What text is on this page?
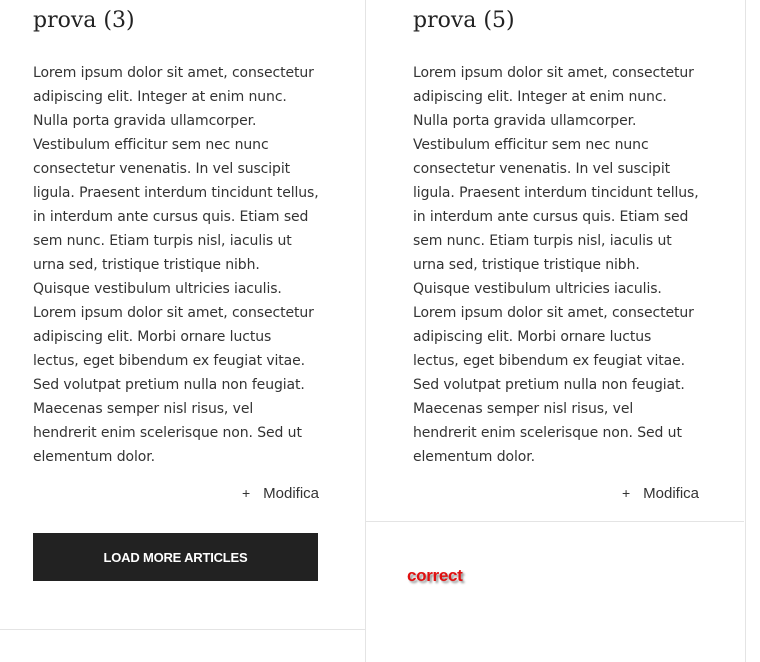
prova (3)

Lorem ipsum dolor sit amet, consectetur adipiscing elit. Integer at enim nunc. Nulla porta gravida ullamcorper. Vestibulum efficitur sem nec nunc consectetur venenatis. In vel suscipit ligula. Praesent interdum tincidunt tellus, in interdum ante cursus quis. Etiam sed sem nunc. Etiam turpis nisl, iaculis ut urna sed, tristique tristique nibh. Quisque vestibulum ultricies iaculis. Lorem ipsum dolor sit amet, consectetur adipiscing elit. Morbi ornare luctus lectus, eget bibendum ex feugiat vitae. Sed volutpat pretium nulla non feugiat. Maecenas semper nisl risus, vel hendrerit enim scelerisque non. Sed ut elementum dolor.

+ Modifica
LOAD MORE ARTICLES
prova (5)

Lorem ipsum dolor sit amet, consectetur adipiscing elit. Integer at enim nunc. Nulla porta gravida ullamcorper. Vestibulum efficitur sem nec nunc consectetur venenatis. In vel suscipit ligula. Praesent interdum tincidunt tellus, in interdum ante cursus quis. Etiam sed sem nunc. Etiam turpis nisl, iaculis ut urna sed, tristique tristique nibh. Quisque vestibulum ultricies iaculis. Lorem ipsum dolor sit amet, consectetur adipiscing elit. Morbi ornare luctus lectus, eget bibendum ex feugiat vitae. Sed volutpat pretium nulla non feugiat. Maecenas semper nisl risus, vel hendrerit enim scelerisque non. Sed ut elementum dolor.

+ Modifica
correct
